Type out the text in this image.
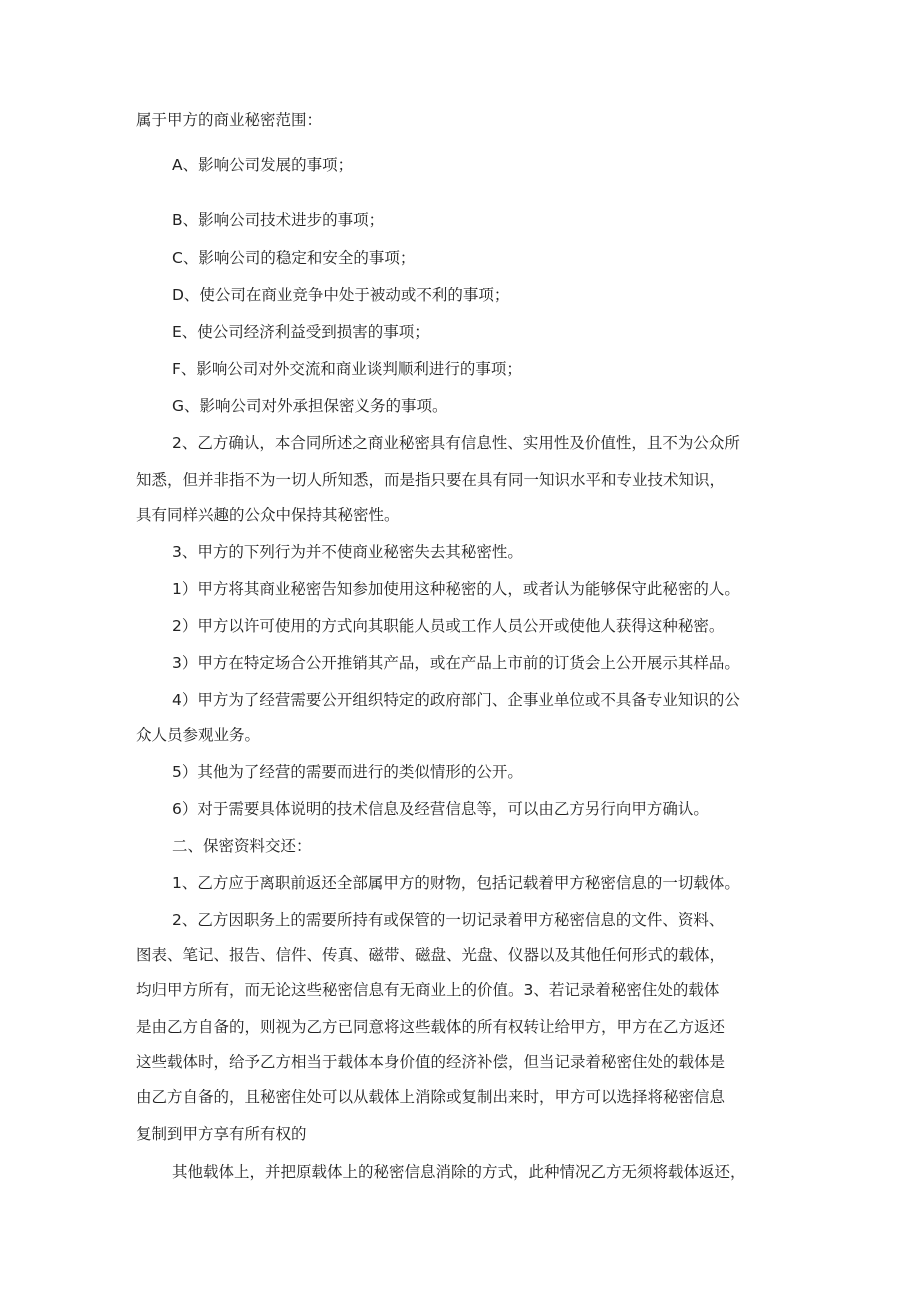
属于甲方的商业秘密范围：

A、影响公司发展的事项；

B、影响公司技术进步的事项；

C、影响公司的稳定和安全的事项；

D、使公司在商业竞争中处于被动或不利的事项；

E、使公司经济利益受到损害的事项；

F、影响公司对外交流和商业谈判顺利进行的事项；

G、影响公司对外承担保密义务的事项。

2、乙方确认，本合同所述之商业秘密具有信息性、实用性及价值性，且不为公众所

知悉，但并非指不为一切人所知悉，而是指只要在具有同一知识水平和专业技术知识，

具有同样兴趣的公众中保持其秘密性。

3、甲方的下列行为并不使商业秘密失去其秘密性。

1）甲方将其商业秘密告知参加使用这种秘密的人，或者认为能够保守此秘密的人。

2）甲方以许可使用的方式向其职能人员或工作人员公开或使他人获得这种秘密。

3）甲方在特定场合公开推销其产品，或在产品上市前的订货会上公开展示其样品。

4）甲方为了经营需要公开组织特定的政府部门、企事业单位或不具备专业知识的公

众人员参观业务。

5）其他为了经营的需要而进行的类似情形的公开。

6）对于需要具体说明的技术信息及经营信息等，可以由乙方另行向甲方确认。

二、保密资料交还：

1、乙方应于离职前返还全部属甲方的财物，包括记载着甲方秘密信息的一切载体。

2、乙方因职务上的需要所持有或保管的一切记录着甲方秘密信息的文件、资料、

图表、笔记、报告、信件、传真、磁带、磁盘、光盘、仪器以及其他任何形式的载体，

均归甲方所有，而无论这些秘密信息有无商业上的价值。3、若记录着秘密住处的载体

是由乙方自备的，则视为乙方已同意将这些载体的所有权转让给甲方，甲方在乙方返还

这些载体时，给予乙方相当于载体本身价值的经济补偿，但当记录着秘密住处的载体是

由乙方自备的，且秘密住处可以从载体上消除或复制出来时，甲方可以选择将秘密信息

复制到甲方享有所有权的

其他载体上，并把原载体上的秘密信息消除的方式，此种情况乙方无须将载体返还，
